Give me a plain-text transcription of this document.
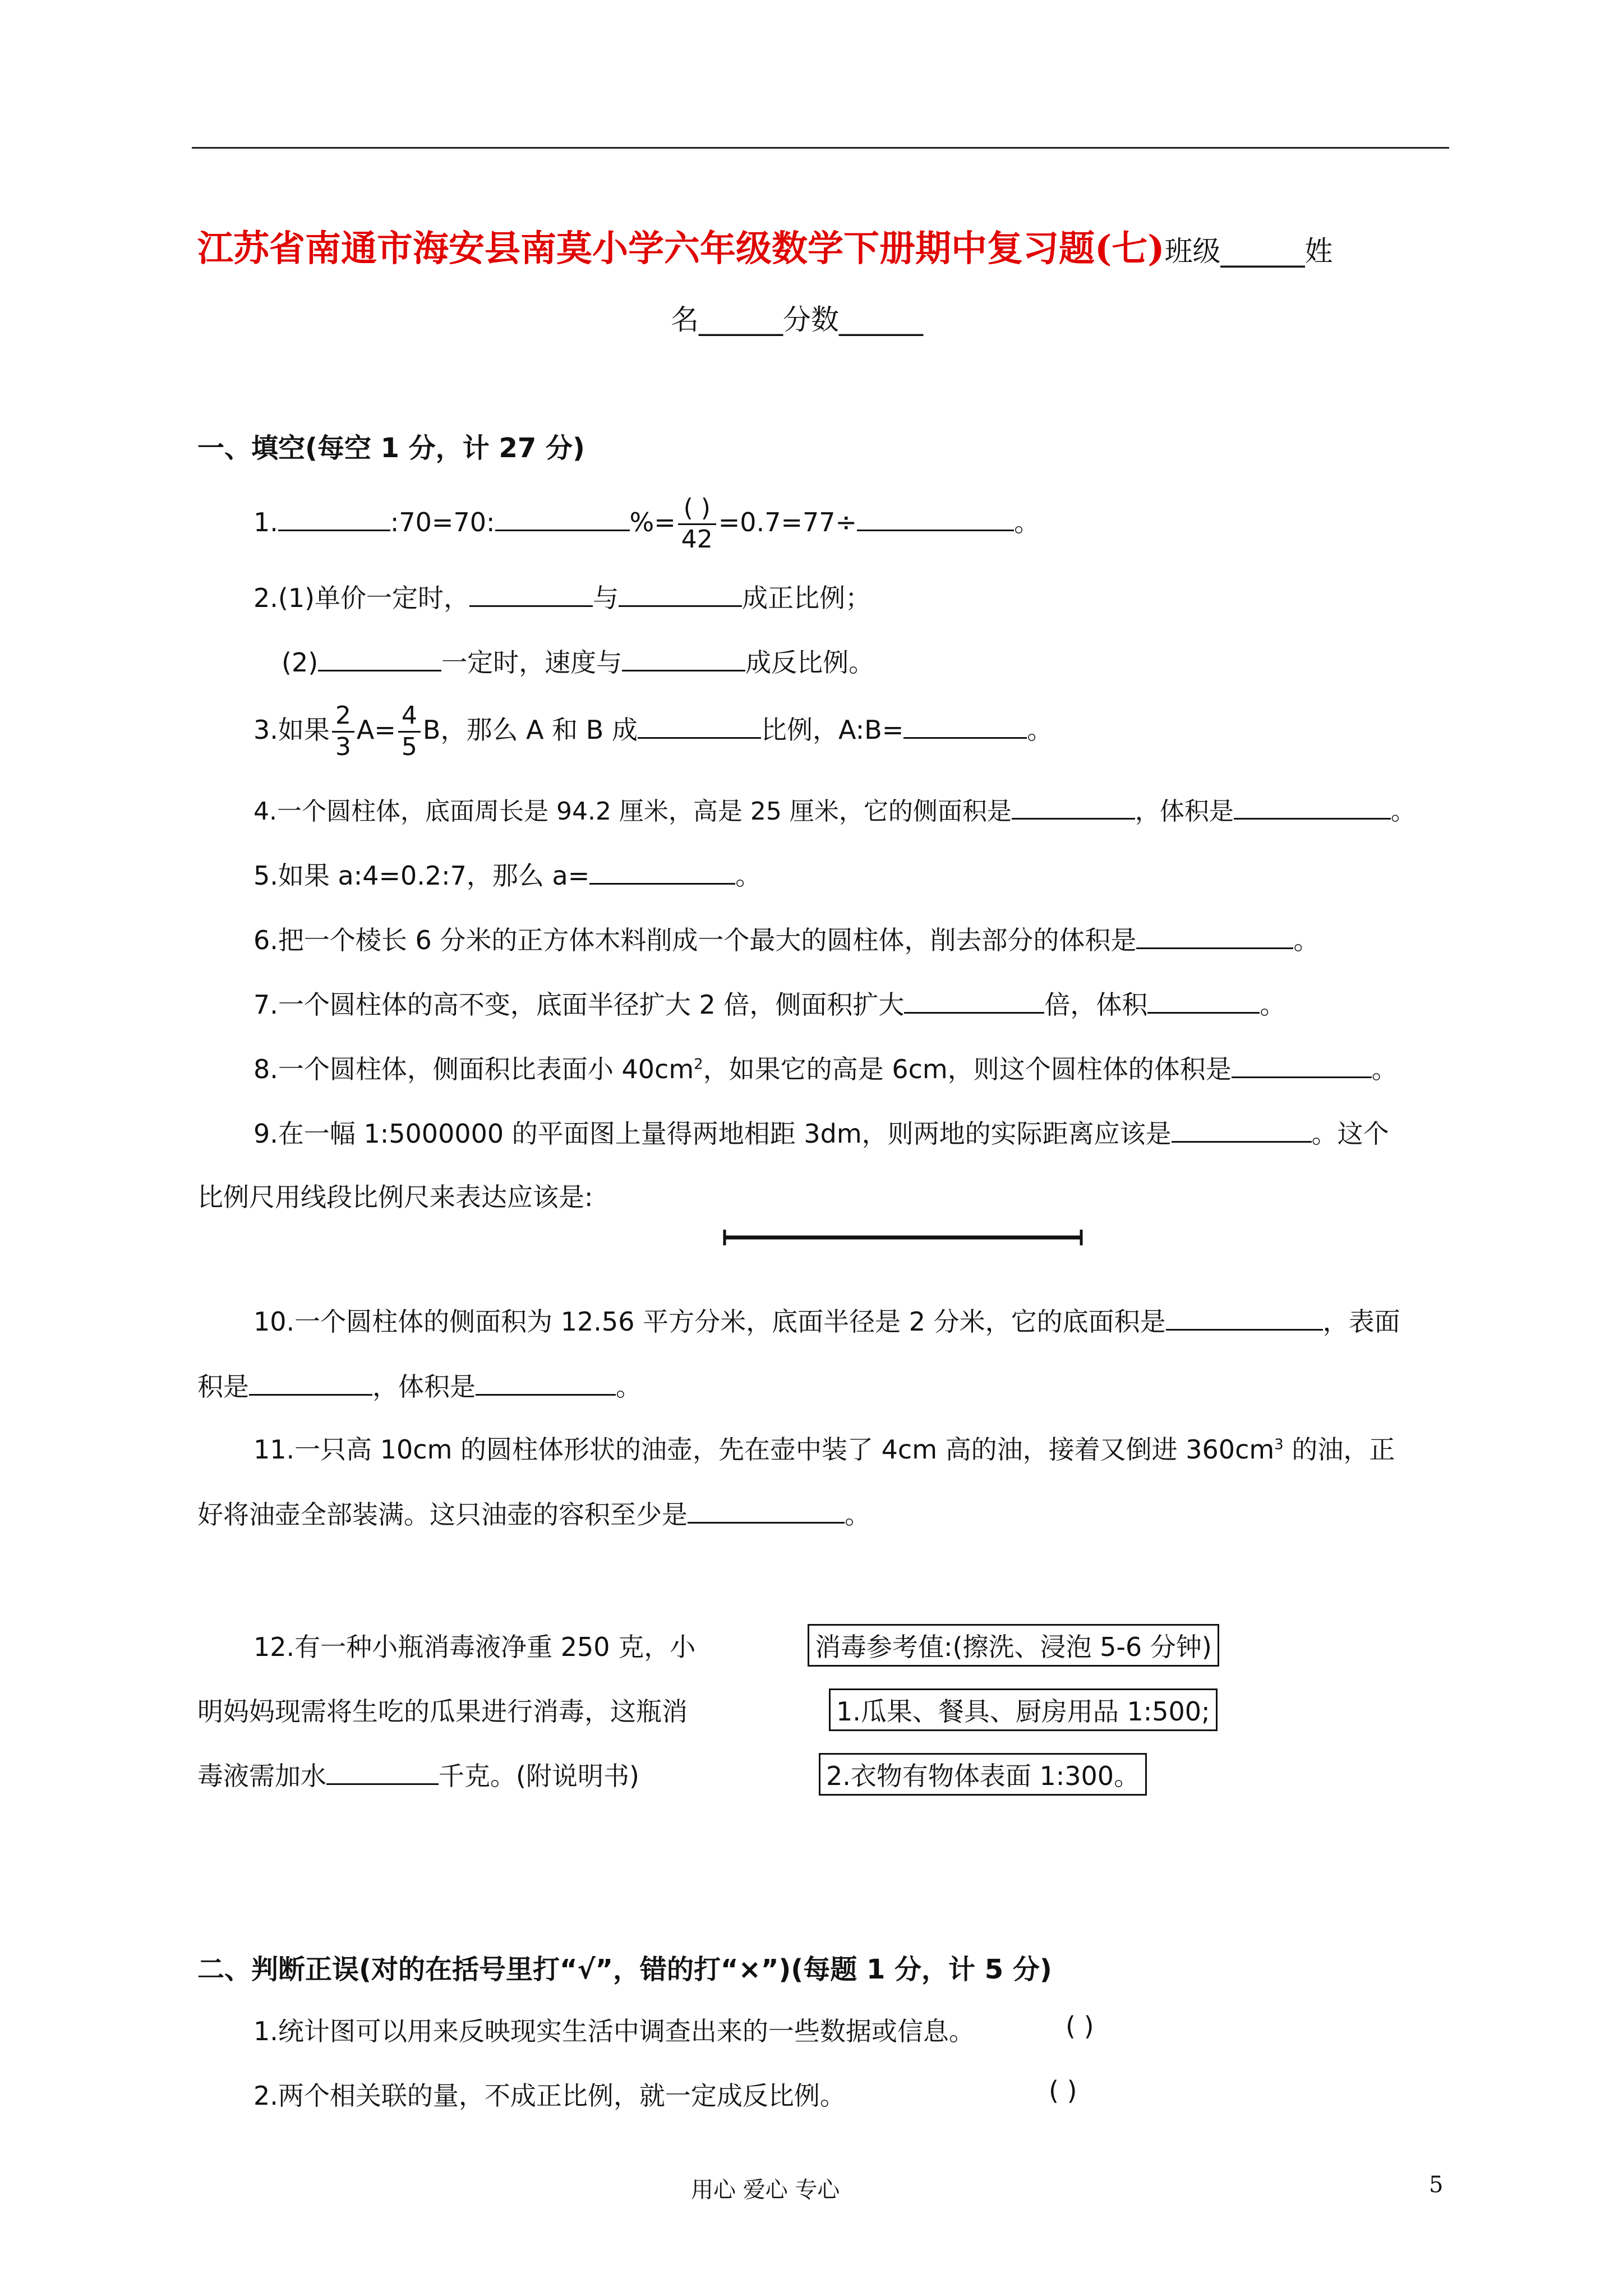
江苏省南通市海安县南莫小学六年级数学下册期中复习题(七)班级______姓
名______分数______
一、填空(每空 1 分，计 27 分)
1.	:70=70:	%= $\frac{( )}{42} =0.7=77\div$	。
2.(1)单价一定时，	与	成正比例；
(2)	一定时，速度与	成反比例。
3.如果 $\frac{2}{3} A= \frac{4}{5}$ B，那么 A 和 B 成	比例，A:B=	。
4.一个圆柱体，底面周长是 94.2 厘米，高是 25 厘米，它的侧面积是	，体积是	。
5.如果 a:4=0.2:7，那么 a=	。
6.把一个棱长 6 分米的正方体木料削成一个最大的圆柱体，削去部分的体积是	。
7.一个圆柱体的高不变，底面半径扩大 2 倍，侧面积扩大	倍，体积	。
8.一个圆柱体，侧面积比表面小 $40cm^2$，如果它的高是 6cm，则这个圆柱体的体积是	。
9.在一幅 1:5000000 的平面图上量得两地相距 3dm，则两地的实际距离应该是	。这个
比例尺用线段比例尺来表达应该是:
10.一个圆柱体的侧面积为 12.56 平方分米，底面半径是 2 分米，它的底面积是	，表面
积是	，体积是	。
11.一只高 10cm 的圆柱体形状的油壶，先在壶中装了 4cm 高的油，接着又倒进 $360cm^3$ 的油，正
好将油壶全部装满。这只油壶的容积至少是	。
12.有一种小瓶消毒液净重 250 克，小
明妈妈现需将生吃的瓜果进行消毒，这瓶消
毒液需加水	千克。(附说明书)
消毒参考值:(擦洗、浸泡 5-6 分钟)
1.瓜果、餐具、厨房用品 1:500;
2.衣物有物体表面 1:300。
二、判断正误(对的在括号里打“√”，错的打“×”)(每题 1 分，计 5 分)
1.统计图可以用来反映现实生活中调查出来的一些数据或信息。	( )
2.两个相关联的量，不成正比例，就一定成反比例。	( )
用心 爱心 专心	5
